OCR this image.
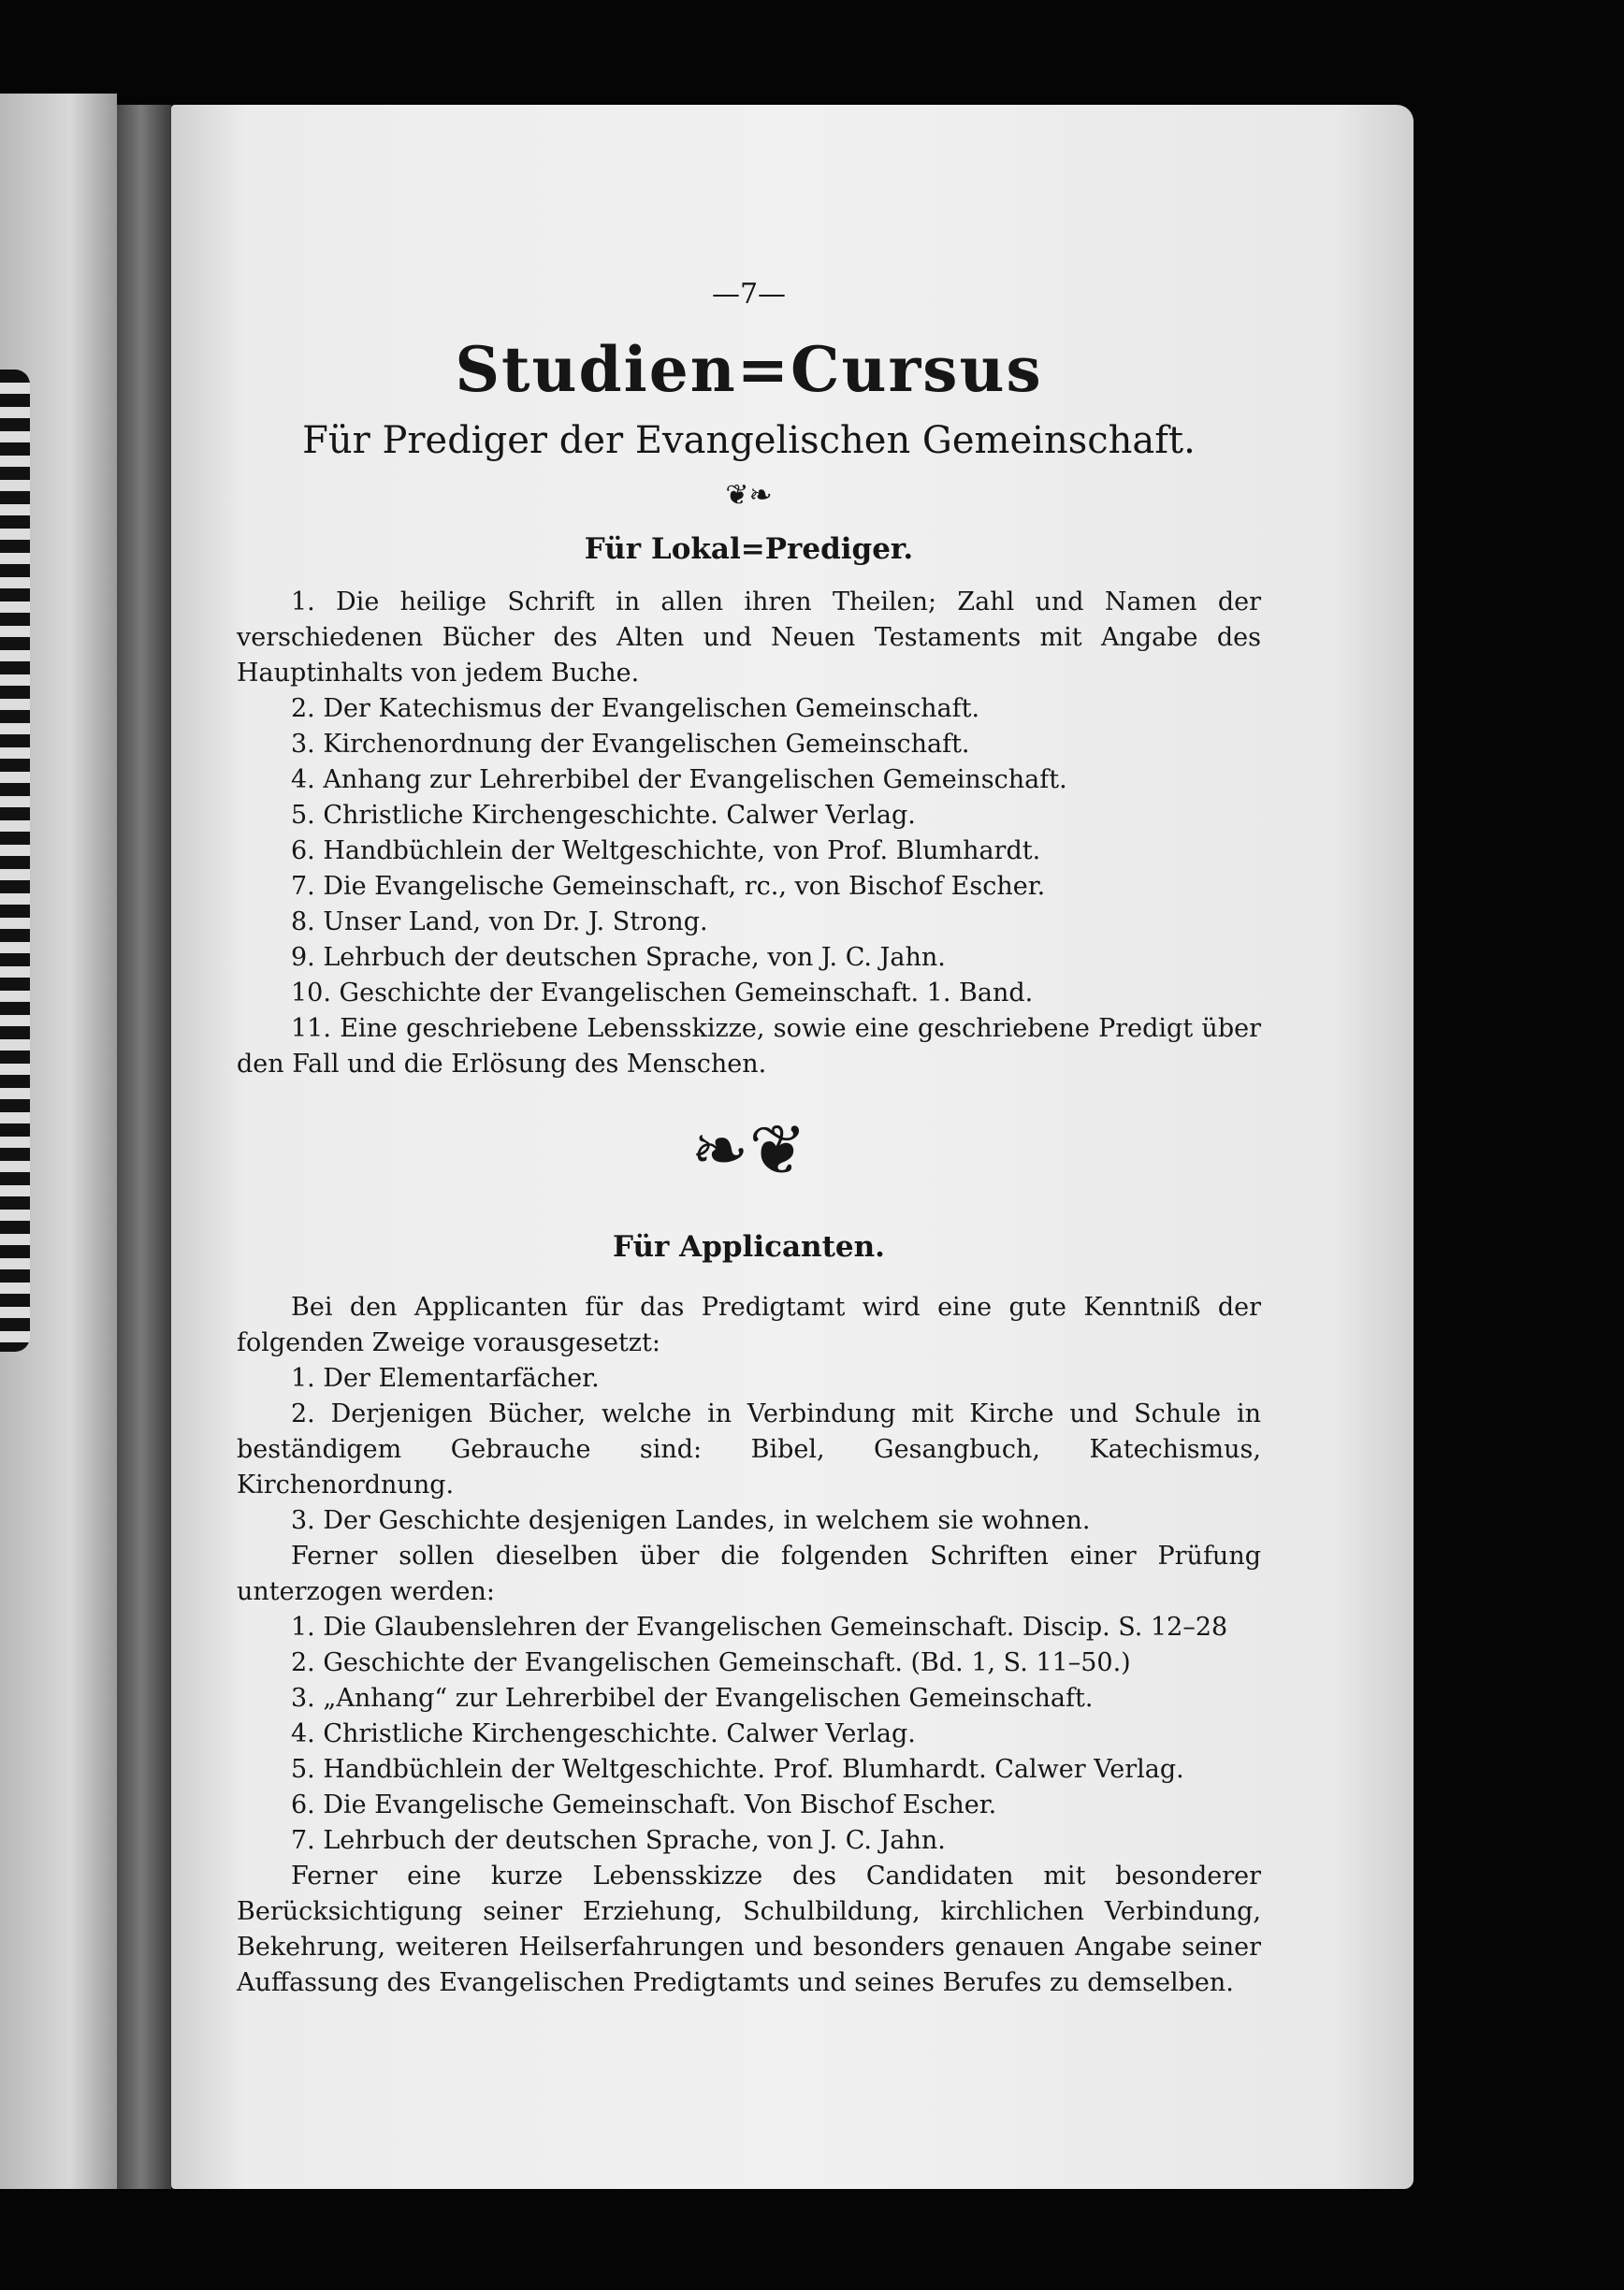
—7—
Studien=Cursus
Für Prediger der Evangelischen Gemeinschaft.
❦❧
Für Lokal=Prediger.
1. Die heilige Schrift in allen ihren Theilen; Zahl und Namen der verschiedenen Bücher des Alten und Neuen Testaments mit Angabe des Hauptinhalts von jedem Buche.
2. Der Katechismus der Evangelischen Gemeinschaft.
3. Kirchenordnung der Evangelischen Gemeinschaft.
4. Anhang zur Lehrerbibel der Evangelischen Gemeinschaft.
5. Christliche Kirchengeschichte. Calwer Verlag.
6. Handbüchlein der Weltgeschichte, von Prof. Blumhardt.
7. Die Evangelische Gemeinschaft, rc., von Bischof Escher.
8. Unser Land, von Dr. J. Strong.
9. Lehrbuch der deutschen Sprache, von J. C. Jahn.
10. Geschichte der Evangelischen Gemeinschaft. 1. Band.
11. Eine geschriebene Lebensskizze, sowie eine geschriebene Predigt über den Fall und die Erlösung des Menschen.
❧❦
Für Applicanten.

Bei den Applicanten für das Predigtamt wird eine gute Kenntniß der folgenden Zweige vorausgesetzt:

1. Der Elementarfächer.
2. Derjenigen Bücher, welche in Verbindung mit Kirche und Schule in beständigem Gebrauche sind: Bibel, Gesangbuch, Katechismus, Kirchenordnung.
3. Der Geschichte desjenigen Landes, in welchem sie wohnen.

Ferner sollen dieselben über die folgenden Schriften einer Prüfung unterzogen werden:

1. Die Glaubenslehren der Evangelischen Gemeinschaft. Discip. S. 12–28
2. Geschichte der Evangelischen Gemeinschaft. (Bd. 1, S. 11–50.)
3. „Anhang“ zur Lehrerbibel der Evangelischen Gemeinschaft.
4. Christliche Kirchengeschichte. Calwer Verlag.
5. Handbüchlein der Weltgeschichte. Prof. Blumhardt. Calwer Verlag.
6. Die Evangelische Gemeinschaft. Von Bischof Escher.
7. Lehrbuch der deutschen Sprache, von J. C. Jahn.

Ferner eine kurze Lebensskizze des Candidaten mit besonderer Berücksichtigung seiner Erziehung, Schulbildung, kirchlichen Verbindung, Bekehrung, weiteren Heilserfahrungen und besonders genauen Angabe seiner Auffassung des Evangelischen Predigtamts und seines Berufes zu demselben.
